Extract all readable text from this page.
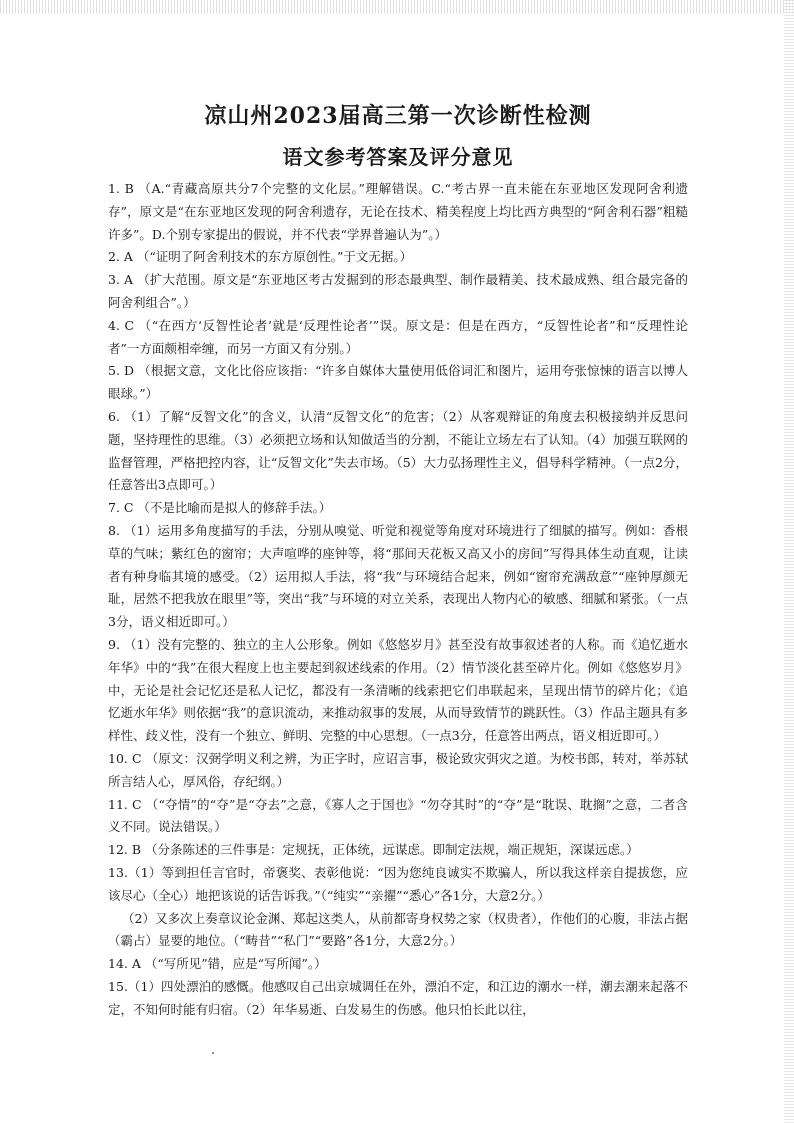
凉山州2023届高三第一次诊断性检测
语文参考答案及评分意见

1. B （A.“青藏高原共分7个完整的文化层。”理解错误。C.“考古界一直未能在东亚地区发现阿舍利遗存”，原文是“在东亚地区发现的阿舍利遗存，无论在技术、精美程度上均比西方典型的“阿舍利石器”粗糙许多”。D.个别专家提出的假说，并不代表“学界普遍认为”。）

2. A （“证明了阿舍利技术的东方原创性。”于文无据。）

3. A （扩大范围。原文是“东亚地区考古发掘到的形态最典型、制作最精美、技术最成熟、组合最完备的阿舍利组合”。）

4. C （“在西方‘反智性论者’就是‘反理性论者’”误。原文是：但是在西方，“反智性论者”和“反理性论者”一方面颇相牵缠，而另一方面又有分别。）

5. D （根据文意，文化比俗应该指：“许多自媒体大量使用低俗词汇和图片，运用夸张惊悚的语言以博人眼球。”）

6. （1）了解“反智文化”的含义，认清“反智文化”的危害；（2）从客观辩证的角度去积极接纳并反思问题，坚持理性的思维。（3）必须把立场和认知做适当的分割，不能让立场左右了认知。（4）加强互联网的监督管理，严格把控内容，让“反智文化”失去市场。（5）大力弘扬理性主义，倡导科学精神。（一点2分，任意答出3点即可。）

7. C （不是比喻而是拟人的修辞手法。）

8. （1）运用多角度描写的手法，分别从嗅觉、听觉和视觉等角度对环境进行了细腻的描写。例如：香根草的气味；紫红色的窗帘；大声喧哗的座钟等，将“那间天花板又高又小的房间”写得具体生动直观，让读者有种身临其境的感受。（2）运用拟人手法，将“我”与环境结合起来，例如“窗帘充满敌意”“座钟厚颜无耻，居然不把我放在眼里”等，突出“我”与环境的对立关系，表现出人物内心的敏感、细腻和紧张。（一点3分，语义相近即可。）

9. （1）没有完整的、独立的主人公形象。例如《悠悠岁月》甚至没有故事叙述者的人称。而《追忆逝水年华》中的“我”在很大程度上也主要起到叙述线索的作用。（2）情节淡化甚至碎片化。例如《悠悠岁月》中，无论是社会记忆还是私人记忆，都没有一条清晰的线索把它们串联起来，呈现出情节的碎片化；《追忆逝水年华》则依据“我”的意识流动，来推动叙事的发展，从而导致情节的跳跃性。（3）作品主题具有多样性、歧义性，没有一个独立、鲜明、完整的中心思想。（一点3分，任意答出两点，语义相近即可。）

10. C （原文：汉弼学明义利之辨，为正字时，应诏言事，极论致灾弭灾之道。为校书郎，转对，举苏轼所言结人心，厚风俗，存纪纲。）

11. C （“夺情”的“夺”是“夺去”之意，《寡人之于国也》“勿夺其时”的“夺”是“耽误、耽搁”之意，二者含义不同。说法错误。）

12. B （分条陈述的三件事是：定规抚，正体统，远谋虑。即制定法规，端正规矩，深谋远虑。）

13.（1）等到担任言官时，帝褒奖、表彰他说：“因为您纯良诚实不欺骗人，所以我这样亲自提拔您，应该尽心（全心）地把该说的话告诉我。”（“纯实”“亲擢”“悉心”各1分，大意2分。）

（2）又多次上奏章议论金渊、郑起这类人，从前都寄身权势之家（权贵者），作他们的心腹，非法占据（霸占）显要的地位。（“畴昔”“私门”“要路”各1分，大意2分。）

14. A （“写所见”错，应是“写所闻”。）

15.（1）四处漂泊的感慨。他感叹自己出京城调任在外，漂泊不定，和江边的潮水一样，潮去潮来起落不定，不知何时能有归宿。（2）年华易逝、白发易生的伤感。他只怕长此以往，
